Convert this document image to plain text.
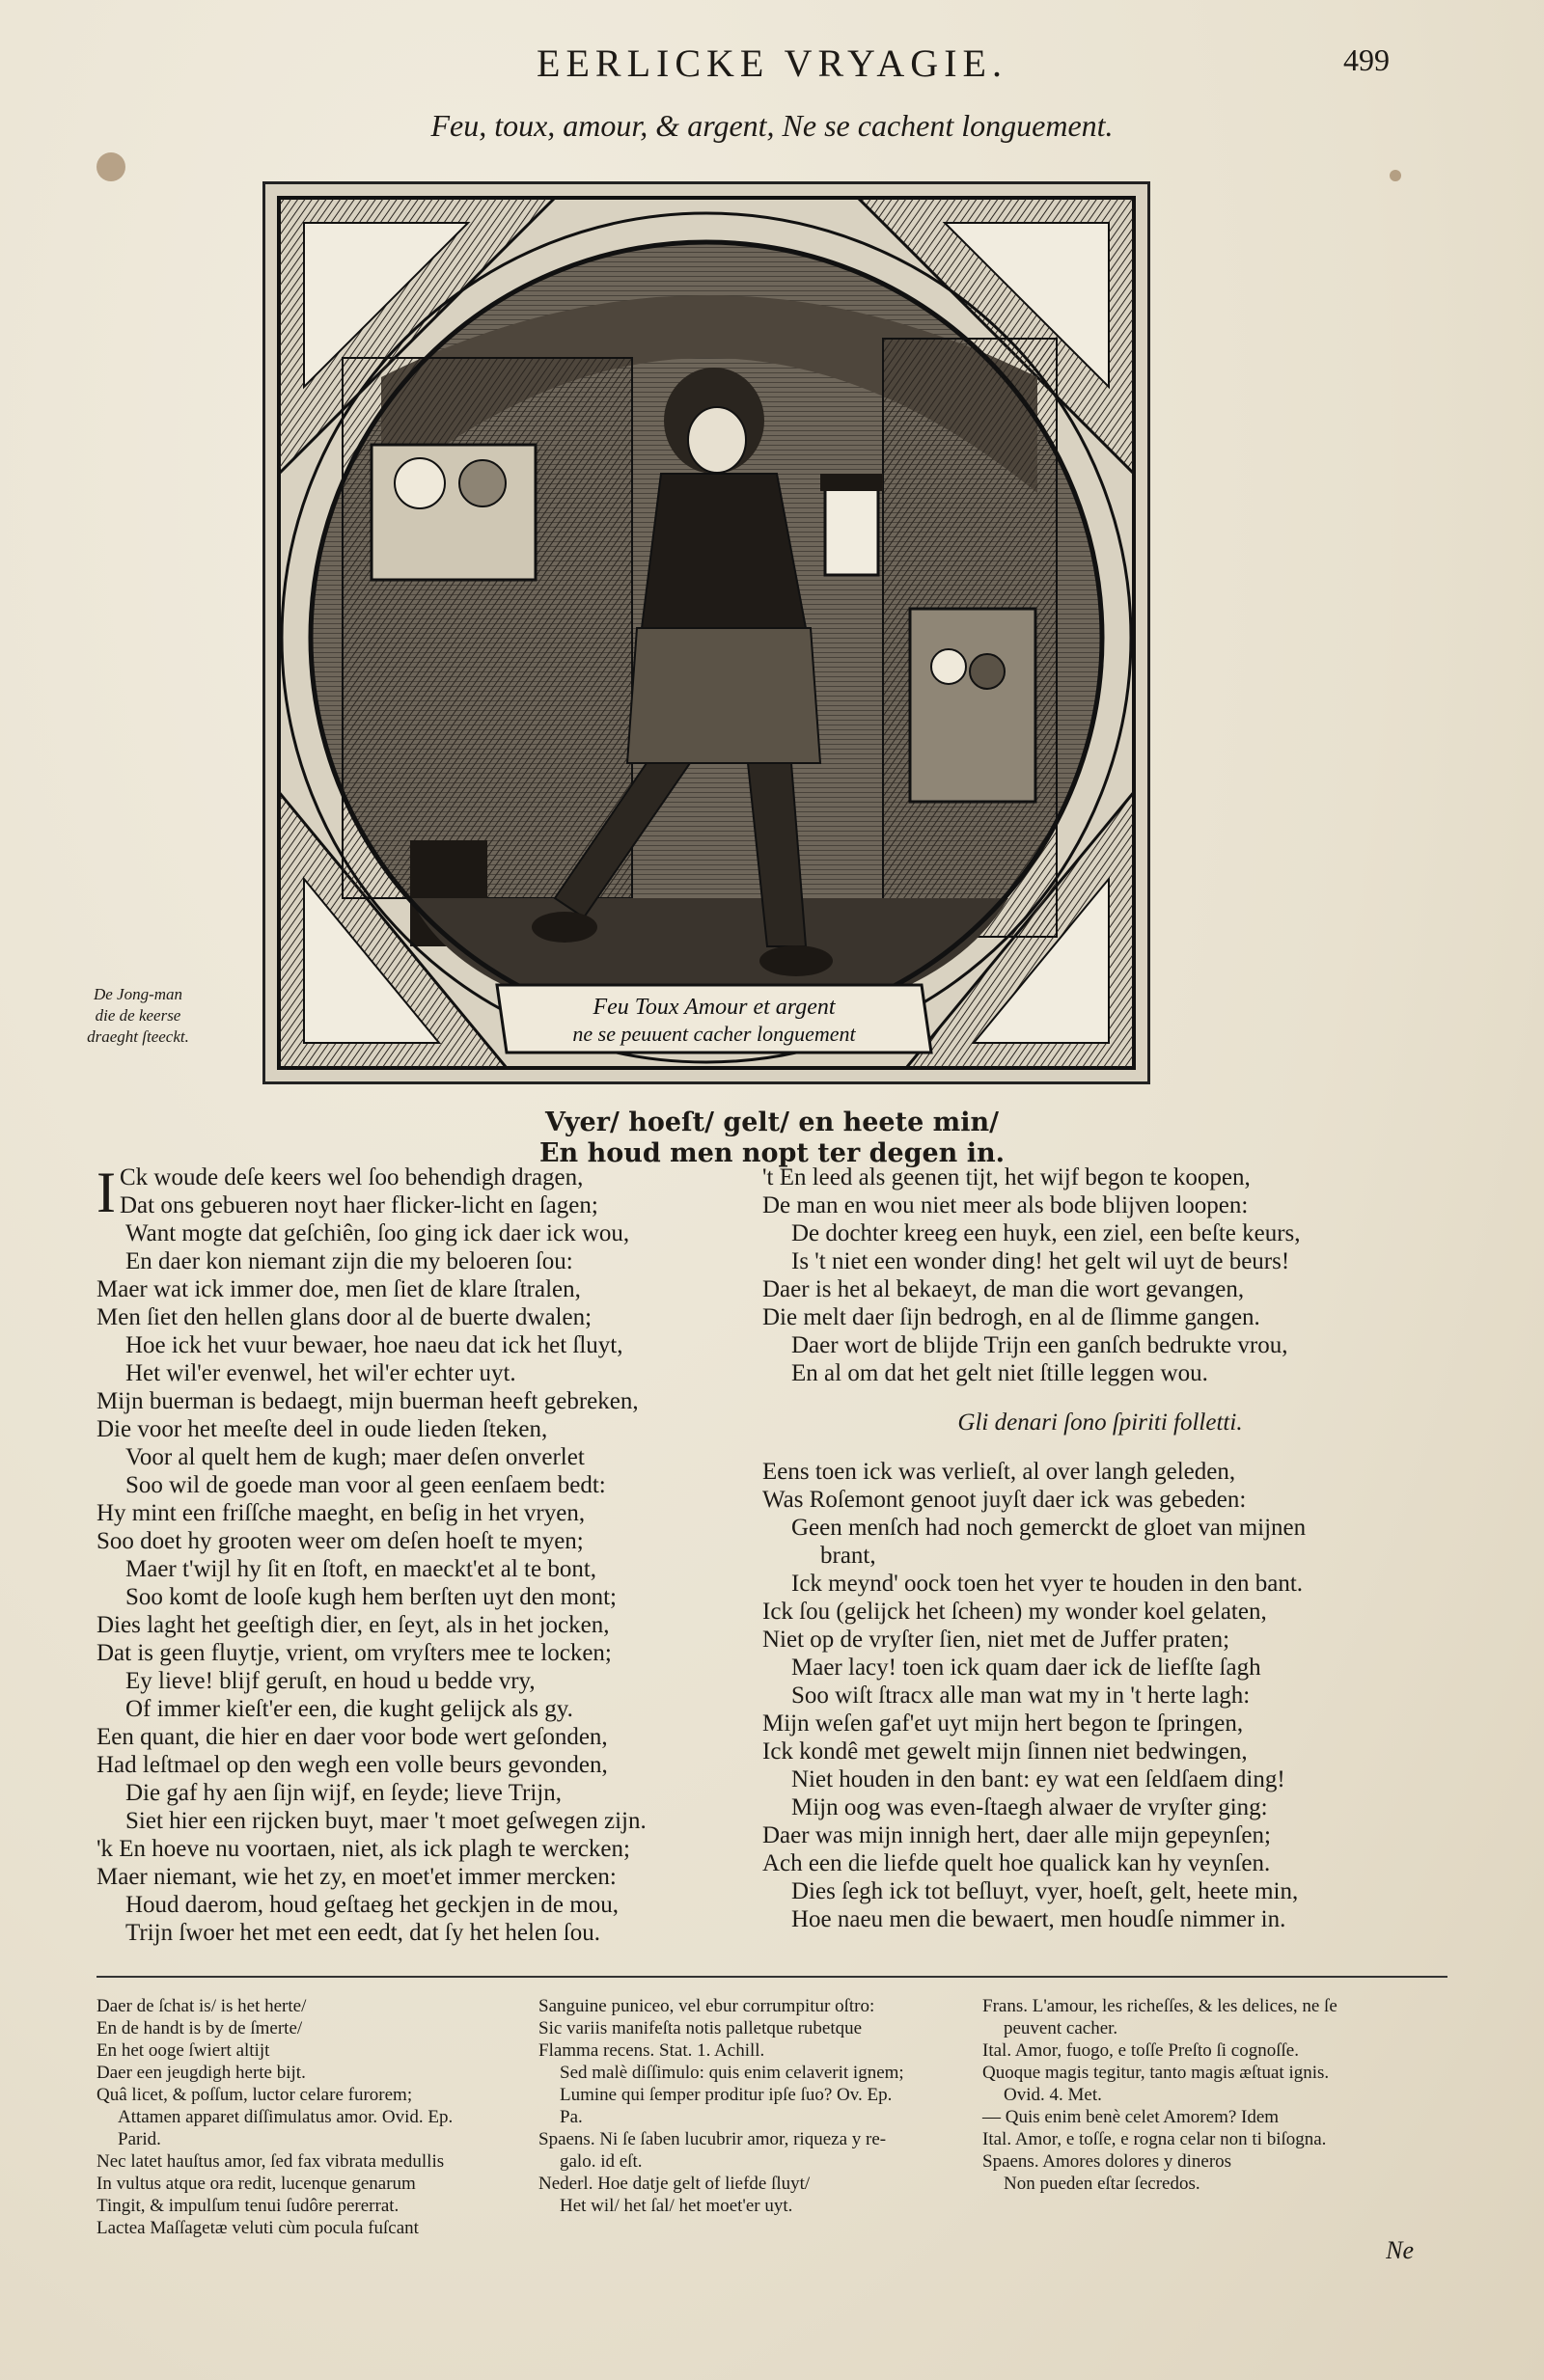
EERLICKE VRYAGIE.	499
Feu, toux, amour, & argent, Ne se cachent longuement.
Feu Toux Amour et argent
ne se peuuent cacher longuement
De Jong-man die de keerse draeght ſteeckt.
Vyer/ hoeſt/ gelt/ en heete min/
En houd men nopt ter degen in.
I Ck woude deſe keers wel ſoo behendigh dragen,
Dat ons gebueren noyt haer flicker-licht en ſagen;
Want mogte dat geſchiên, ſoo ging ick daer ick wou,
En daer kon niemant zijn die my beloeren ſou:
Maer wat ick immer doe, men ſiet de klare ſtralen,
Men ſiet den hellen glans door al de buerte dwalen;
Hoe ick het vuur bewaer, hoe naeu dat ick het ſluyt,
Het wil'er evenwel, het wil'er echter uyt.
Mijn buerman is bedaegt, mijn buerman heeft gebreken,
Die voor het meeſte deel in oude lieden ſteken,
Voor al quelt hem de kugh; maer deſen onverlet
Soo wil de goede man voor al geen eenſaem bedt:
Hy mint een friſſche maeght, en beſig in het vryen,
Soo doet hy grooten weer om deſen hoeſt te myen;
Maer t'wijl hy ſit en ſtoft, en maeckt'et al te bont,
Soo komt de looſe kugh hem berſten uyt den mont;
Dies laght het geeſtigh dier, en ſeyt, als in het jocken,
Dat is geen fluytje, vrient, om vryſters mee te locken;
Ey lieve! blijf geruſt, en houd u bedde vry,
Of immer kieſt'er een, die kught gelijck als gy.
Een quant, die hier en daer voor bode wert geſonden,
Had leſtmael op den wegh een volle beurs gevonden,
Die gaf hy aen ſijn wijf, en ſeyde; lieve Trijn,
Siet hier een rijcken buyt, maer 't moet geſwegen zijn.
'k En hoeve nu voortaen, niet, als ick plagh te wercken;
Maer niemant, wie het zy, en moet'et immer mercken:
Houd daerom, houd geſtaeg het geckjen in de mou,
Trijn ſwoer het met een eedt, dat ſy het helen ſou.
't En leed als geenen tijt, het wijf begon te koopen,
De man en wou niet meer als bode blijven loopen:
De dochter kreeg een huyk, een ziel, een beſte keurs,
Is 't niet een wonder ding! het gelt wil uyt de beurs!
Daer is het al bekaeyt, de man die wort gevangen,
Die melt daer ſijn bedrogh, en al de ſlimme gangen.
Daer wort de blijde Trijn een ganſch bedrukte vrou,
En al om dat het gelt niet ſtille leggen wou.
Gli denari ſono ſpiriti folletti.
Eens toen ick was verlieſt, al over langh geleden,
Was Roſemont genoot juyſt daer ick was gebeden:
Geen menſch had noch gemerckt de gloet van mijnen
brant,
Ick meynd' oock toen het vyer te houden in den bant.
Ick ſou (gelijck het ſcheen) my wonder koel gelaten,
Niet op de vryſter ſien, niet met de Juffer praten;
Maer lacy! toen ick quam daer ick de liefſte ſagh
Soo wiſt ſtracx alle man wat my in 't herte lagh:
Mijn weſen gaf'et uyt mijn hert begon te ſpringen,
Ick kondê met gewelt mijn ſinnen niet bedwingen,
Niet houden in den bant: ey wat een ſeldſaem ding!
Mijn oog was even-ſtaegh alwaer de vryſter ging:
Daer was mijn innigh hert, daer alle mijn gepeynſen;
Ach een die liefde quelt hoe qualick kan hy veynſen.
Dies ſegh ick tot beſluyt, vyer, hoeſt, gelt, heete min,
Hoe naeu men die bewaert, men houdſe nimmer in.
Daer de ſchat is/ is het herte/
En de handt is by de ſmerte/
En het ooge ſwiert altijt
Daer een jeugdigh herte bijt.
Quâ licet, & poſſum, luctor celare furorem;
Attamen apparet diſſimulatus amor. Ovid. Ep.
Parid.
Nec latet hauſtus amor, ſed fax vibrata medullis
In vultus atque ora redit, lucenque genarum
Tingit, & impulſum tenui ſudôre pererrat.
Lactea Maſſagetæ veluti cùm pocula fuſcant
Sanguine puniceo, vel ebur corrumpitur oſtro:
Sic variis manifeſta notis palletque rubetque
Flamma recens. Stat. 1. Achill.
Sed malè diſſimulo: quis enim celaverit ignem;
Lumine qui ſemper proditur ipſe ſuo? Ov. Ep.
Pa.
Spaens. Ni ſe ſaben lucubrir amor, riqueza y re-
galo. id eſt.
Nederl. Hoe datje gelt of liefde ſluyt/
Het wil/ het ſal/ het moet'er uyt.
Frans. L'amour, les richeſſes, & les delices, ne ſe
peuvent cacher.
Ital. Amor, fuogo, e toſſe Preſto ſi cognoſſe.
Quoque magis tegitur, tanto magis æſtuat ignis.
Ovid. 4. Met.
— Quis enim benè celet Amorem? Idem
Ital. Amor, e toſſe, e rogna celar non ti biſogna.
Spaens. Amores dolores y dineros
Non pueden eſtar ſecredos.
Ne
